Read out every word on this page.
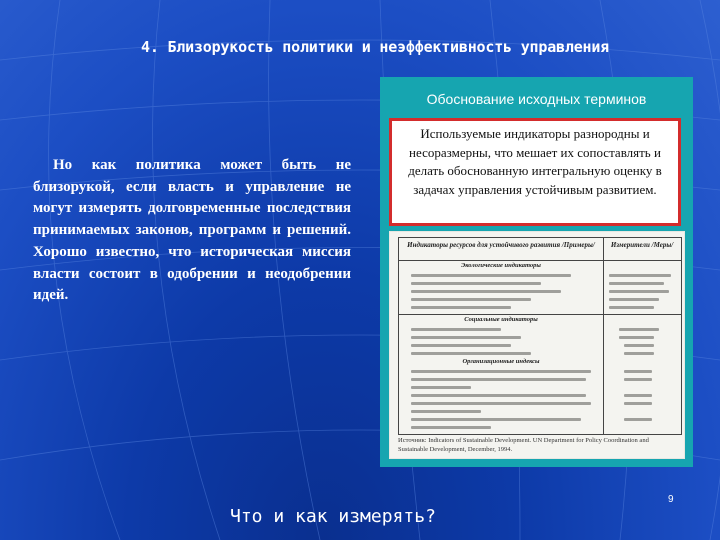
4. Близорукость политики и неэффективность управления
Но как политика может быть не близорукой, если власть и управление не могут измерять долговременные последствия принимаемых законов, программ и решений. Хорошо известно, что историческая миссия власти состоит в одобрении и неодобрении идей.
Обоснование исходных терминов
Используемые индикаторы разнородны и несоразмерны, что мешает их сопоставлять и делать обоснованную интегральную оценку в задачах управления устойчивым развитием.
Индикаторы ресурсов для устойчивого развития /Примеры/	Измерители /Меры/
Экологические индикаторы
Социальные индикаторы
Организационные индексы
Источник: Indicators of Sustainable Development. UN Department for Policy Coordination and Sustainable Development, December, 1994.
Что и как измерять?
9
